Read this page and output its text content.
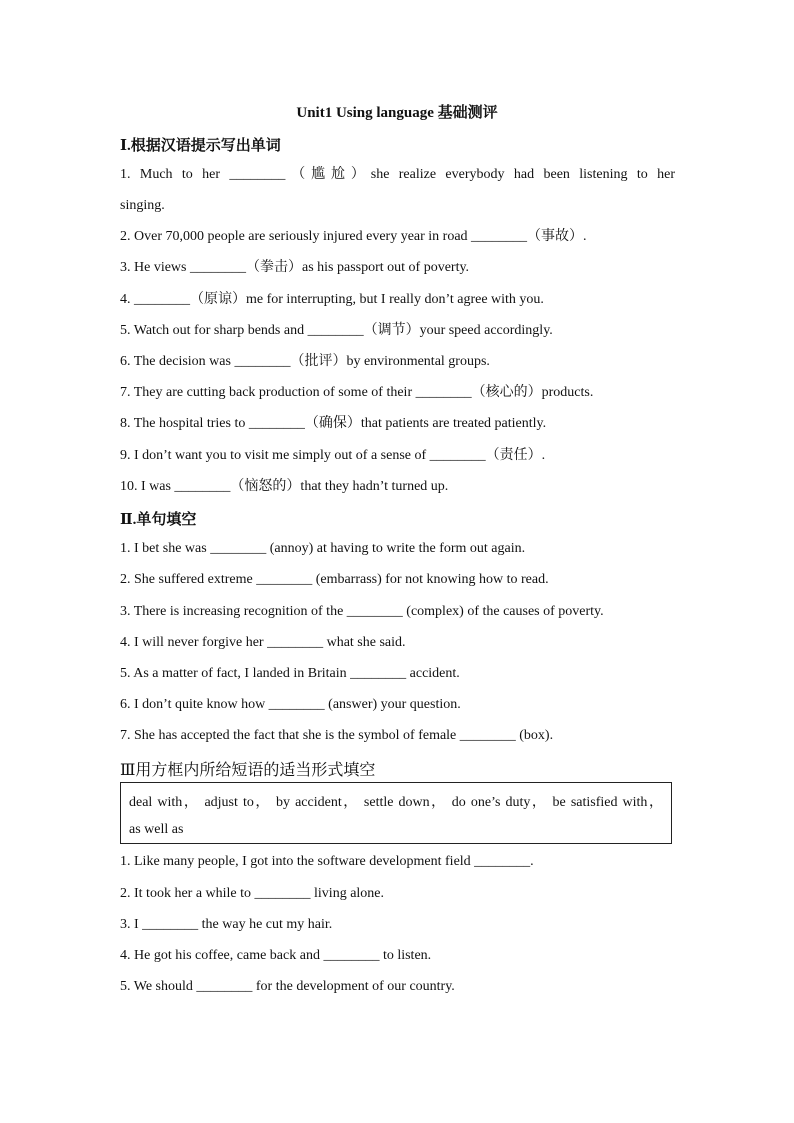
Unit1 Using language 基础测评
Ⅰ.根据汉语提示写出单词
1. Much to her ________（尴尬）she realize everybody had been listening to her
singing.
2. Over 70,000 people are seriously injured every year in road ________（事故）.
3. He views ________（拳击）as his passport out of poverty.
4. ________（原谅）me for interrupting, but I really don’t agree with you.
5. Watch out for sharp bends and ________（调节）your speed accordingly.
6. The decision was ________（批评）by environmental groups.
7. They are cutting back production of some of their ________（核心的）products.
8. The hospital tries to ________（确保）that patients are treated patiently.
9. I don’t want you to visit me simply out of a sense of ________（责任）.
10. I was ________（恼怒的）that they hadn’t turned up.
Ⅱ.单句填空
1. I bet she was ________ (annoy) at having to write the form out again.
2. She suffered extreme ________ (embarrass) for not knowing how to read.
3. There is increasing recognition of the ________ (complex) of the causes of poverty.
4. I will never forgive her ________ what she said.
5. As a matter of fact, I landed in Britain ________ accident.
6. I don’t quite know how ________ (answer) your question.
7. She has accepted the fact that she is the symbol of female ________ (box).
Ⅲ用方框内所给短语的适当形式填空
deal with， adjust to， by accident， settle down， do one’s duty， be satisfied with，
as well as
1. Like many people, I got into the software development field ________.
2. It took her a while to ________ living alone.
3. I ________ the way he cut my hair.
4. He got his coffee, came back and ________ to listen.
5. We should ________ for the development of our country.
